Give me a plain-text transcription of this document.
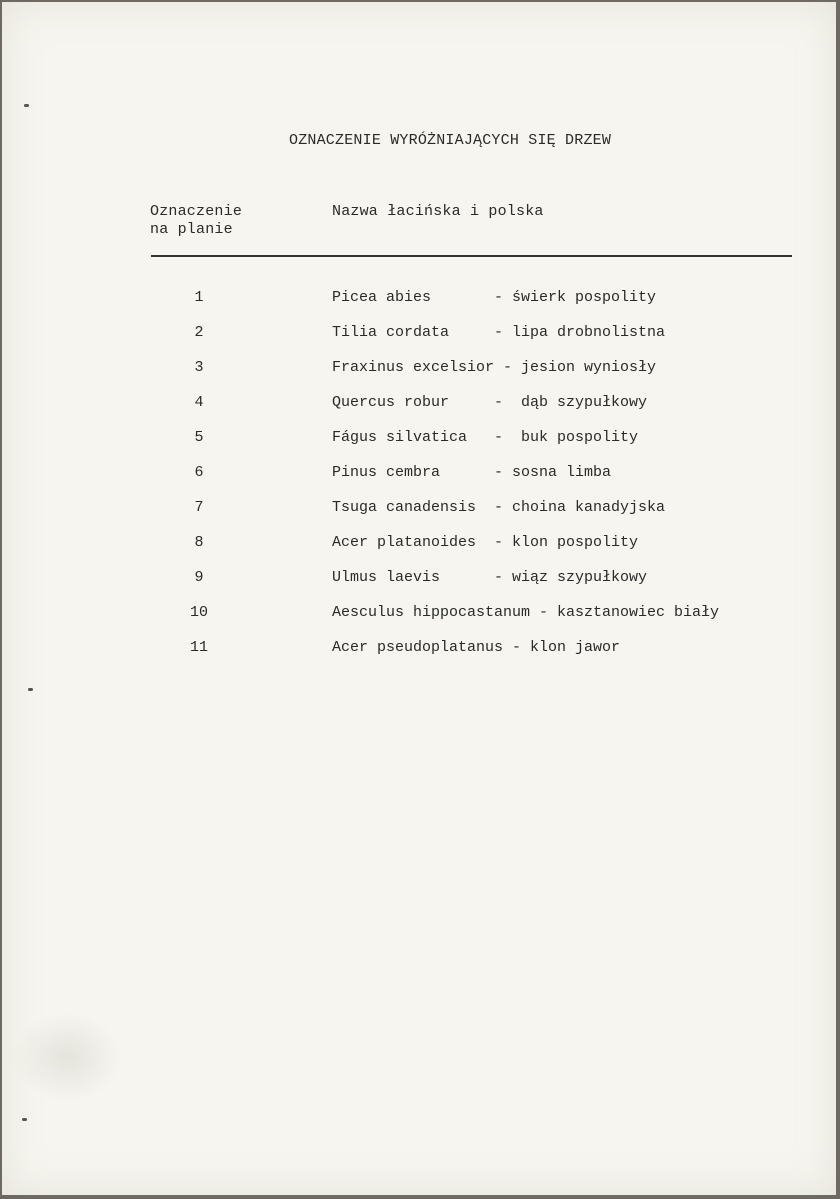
OZNACZENIE WYRÓŻNIAJĄCYCH SIĘ DRZEW
Oznaczenie
na planie
Nazwa łacińska i polska
1	Picea abies       - świerk pospolity
2	Tilia cordata     - lipa drobnolistna
3	Fraxinus excelsior - jesion wyniosły
4	Quercus robur     -  dąb szypułkowy
5	Fágus silvatica   -  buk pospolity
6	Pinus cembra      - sosna limba
7	Tsuga canadensis  - choina kanadyjska
8	Acer platanoides  - klon pospolity
9	Ulmus laevis      - wiąz szypułkowy
10	Aesculus hippocastanum - kasztanowiec biały
11	Acer pseudoplatanus - klon jawor
